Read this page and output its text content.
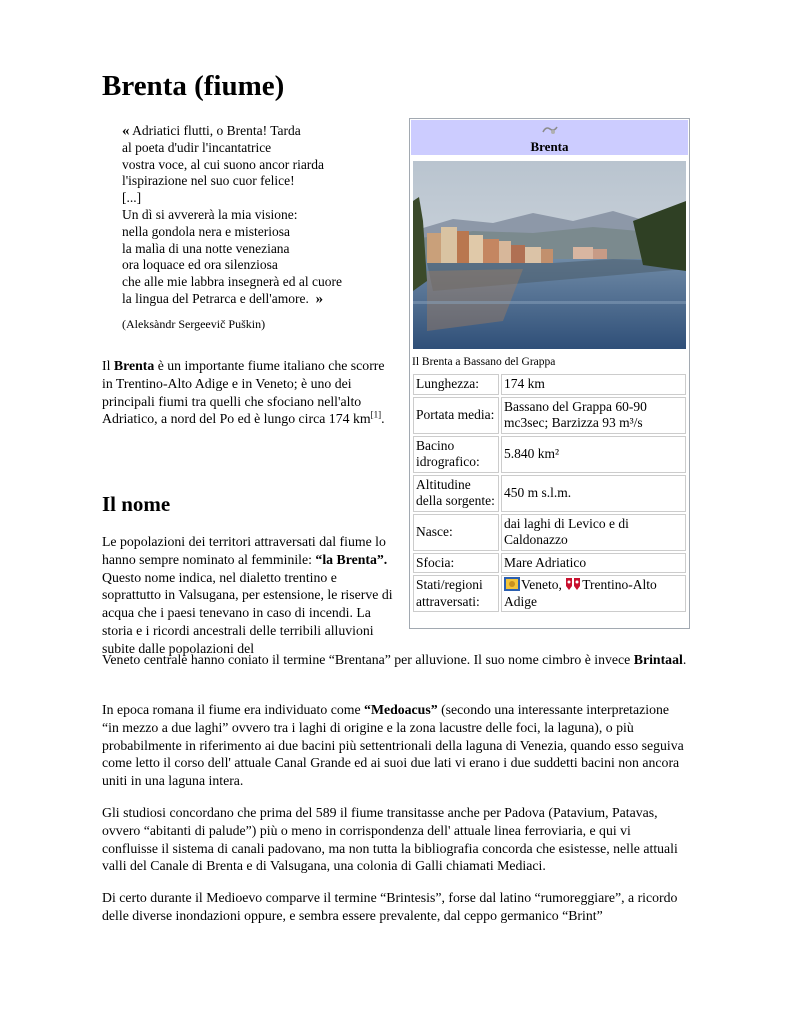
Brenta (fiume)
« Adriatici flutti, o Brenta! Tarda
al poeta d'udir l'incantatrice
vostra voce, al cui suono ancor riarda
l'ispirazione nel suo cuor felice!
[...]
Un dì si avvererà la mia visione:
nella gondola nera e misteriosa
la malìa di una notte veneziana
ora loquace ed ora silenziosa
che alle mie labbra insegnerà ed al cuore
la lingua del Petrarca e dell'amore. »
(Aleksàndr Sergeevič Puškin)

Il Brenta è un importante fiume italiano che scorre in Trentino-Alto Adige e in Veneto; è uno dei principali fiumi tra quelli che sfociano nell'alto Adriatico, a nord del Po ed è lungo circa 174 km[1].

Brenta
Il Brenta a Bassano del Grappa
Lunghezza:	174 km
Portata media:	Bassano del Grappa 60-90 mc3sec; Barzizza 93 m³/s
Bacino idrografico:	5.840 km²
Altitudine della sorgente:	450 m s.l.m.
Nasce:	dai laghi di Levico e di Caldonazzo
Sfocia:	Mare Adriatico
Stati/regioni attraversati:	Veneto, Trentino-Alto Adige
Il nome

Le popolazioni dei territori attraversati dal fiume lo hanno sempre nominato al femminile: “la Brenta”. Questo nome indica, nel dialetto trentino e soprattutto in Valsugana, per estensione, le riserve di acqua che i paesi tenevano in caso di incendi. La storia e i ricordi ancestrali delle terribili alluvioni subite dalle popolazioni del

Veneto centrale hanno coniato il termine “Brentana” per alluvione. Il suo nome cimbro è invece Brintaal.

In epoca romana il fiume era individuato come “Medoacus” (secondo una interessante interpretazione “in mezzo a due laghi” ovvero tra i laghi di origine e la zona lacustre delle foci, la laguna), o più probabilmente in riferimento ai due bacini più settentrionali della laguna di Venezia, quando esso seguiva come letto il corso dell' attuale Canal Grande ed ai suoi due lati vi erano i due suddetti bacini non ancora uniti in una laguna intera.

Gli studiosi concordano che prima del 589 il fiume transitasse anche per Padova (Patavium, Patavas, ovvero “abitanti di palude”) più o meno in corrispondenza dell' attuale linea ferroviaria, e qui vi confluisse il sistema di canali padovano, ma non tutta la bibliografia concorda che esistesse, nelle attuali valli del Canale di Brenta e di Valsugana, una colonia di Galli chiamati Mediaci.

Di certo durante il Medioevo comparve il termine “Brintesis”, forse dal latino “rumoreggiare”, a ricordo delle diverse inondazioni oppure, e sembra essere prevalente, dal ceppo germanico “Brint”
